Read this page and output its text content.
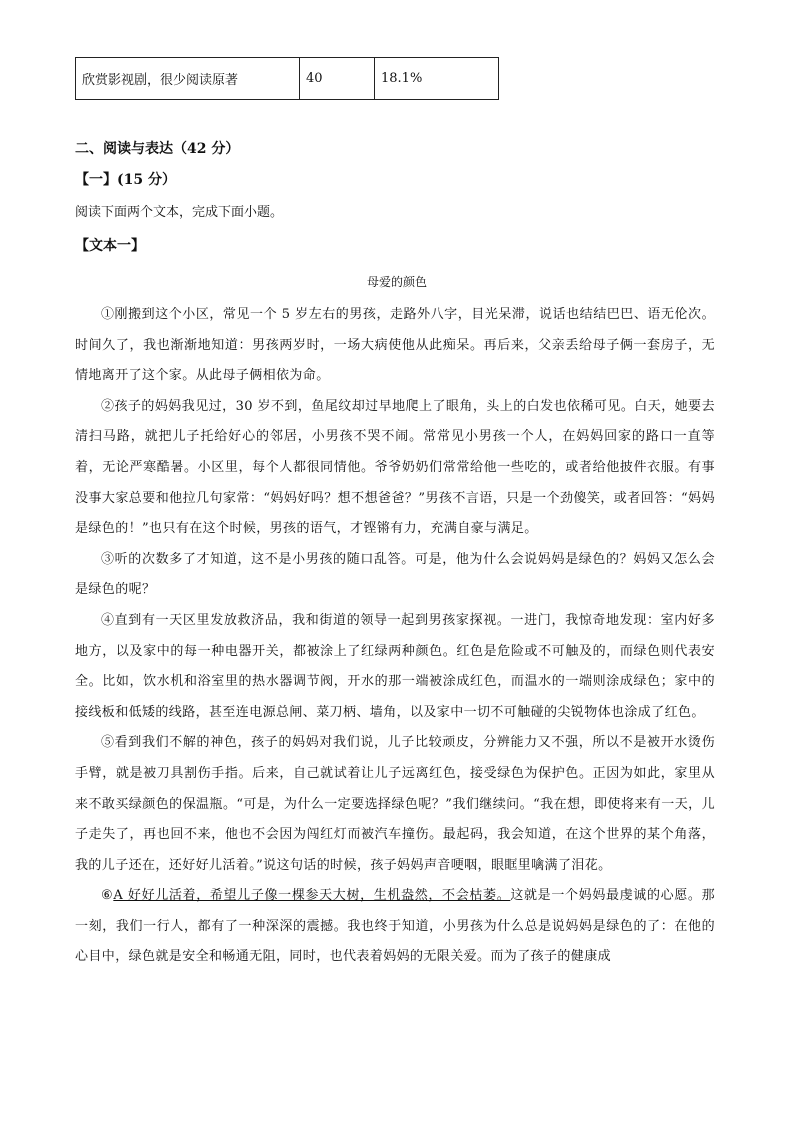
欣赏影视剧，很少阅读原著	40	18.1%
二、阅读与表达（42 分）
【一】(15 分）
阅读下面两个文本，完成下面小题。
【文本一】
母爱的颜色

①刚搬到这个小区，常见一个 5 岁左右的男孩，走路外八字，目光呆滞，说话也结结巴巴、语无伦次。时间久了，我也渐渐地知道：男孩两岁时，一场大病使他从此痴呆。再后来，父亲丢给母子俩一套房子，无情地离开了这个家。从此母子俩相依为命。

②孩子的妈妈我见过，30 岁不到，鱼尾纹却过早地爬上了眼角，头上的白发也依稀可见。白天，她要去清扫马路，就把儿子托给好心的邻居，小男孩不哭不闹。常常见小男孩一个人，在妈妈回家的路口一直等着，无论严寒酷暑。小区里，每个人都很同情他。爷爷奶奶们常常给他一些吃的，或者给他披件衣服。有事没事大家总要和他拉几句家常：“妈妈好吗？想不想爸爸？”男孩不言语，只是一个劲傻笑，或者回答：“妈妈是绿色的！”也只有在这个时候，男孩的语气，才铿锵有力，充满自豪与满足。

③听的次数多了才知道，这不是小男孩的随口乱答。可是，他为什么会说妈妈是绿色的？妈妈又怎么会是绿色的呢？

④直到有一天区里发放救济品，我和街道的领导一起到男孩家探视。一进门，我惊奇地发现：室内好多地方，以及家中的每一种电器开关，都被涂上了红绿两种颜色。红色是危险或不可触及的，而绿色则代表安全。比如，饮水机和浴室里的热水器调节阀，开水的那一端被涂成红色，而温水的一端则涂成绿色；家中的接线板和低矮的线路，甚至连电源总闸、菜刀柄、墙角，以及家中一切不可触碰的尖锐物体也涂成了红色。

⑤看到我们不解的神色，孩子的妈妈对我们说，儿子比较顽皮，分辨能力又不强，所以不是被开水烫伤手臂，就是被刀具割伤手指。后来，自己就试着让儿子远离红色，接受绿色为保护色。正因为如此，家里从来不敢买绿颜色的保温瓶。“可是，为什么一定要选择绿色呢？”我们继续问。“我在想，即使将来有一天，儿子走失了，再也回不来，他也不会因为闯红灯而被汽车撞伤。最起码，我会知道，在这个世界的某个角落，我的儿子还在，还好好儿活着。”说这句话的时候，孩子妈妈声音哽咽，眼眶里噙满了泪花。

⑥A 好好儿活着，希望儿子像一棵参天大树，生机盎然，不会枯萎。这就是一个妈妈最虔诚的心愿。那一刻，我们一行人，都有了一种深深的震撼。我也终于知道，小男孩为什么总是说妈妈是绿色的了：在他的心目中，绿色就是安全和畅通无阻，同时，也代表着妈妈的无限关爱。而为了孩子的健康成
